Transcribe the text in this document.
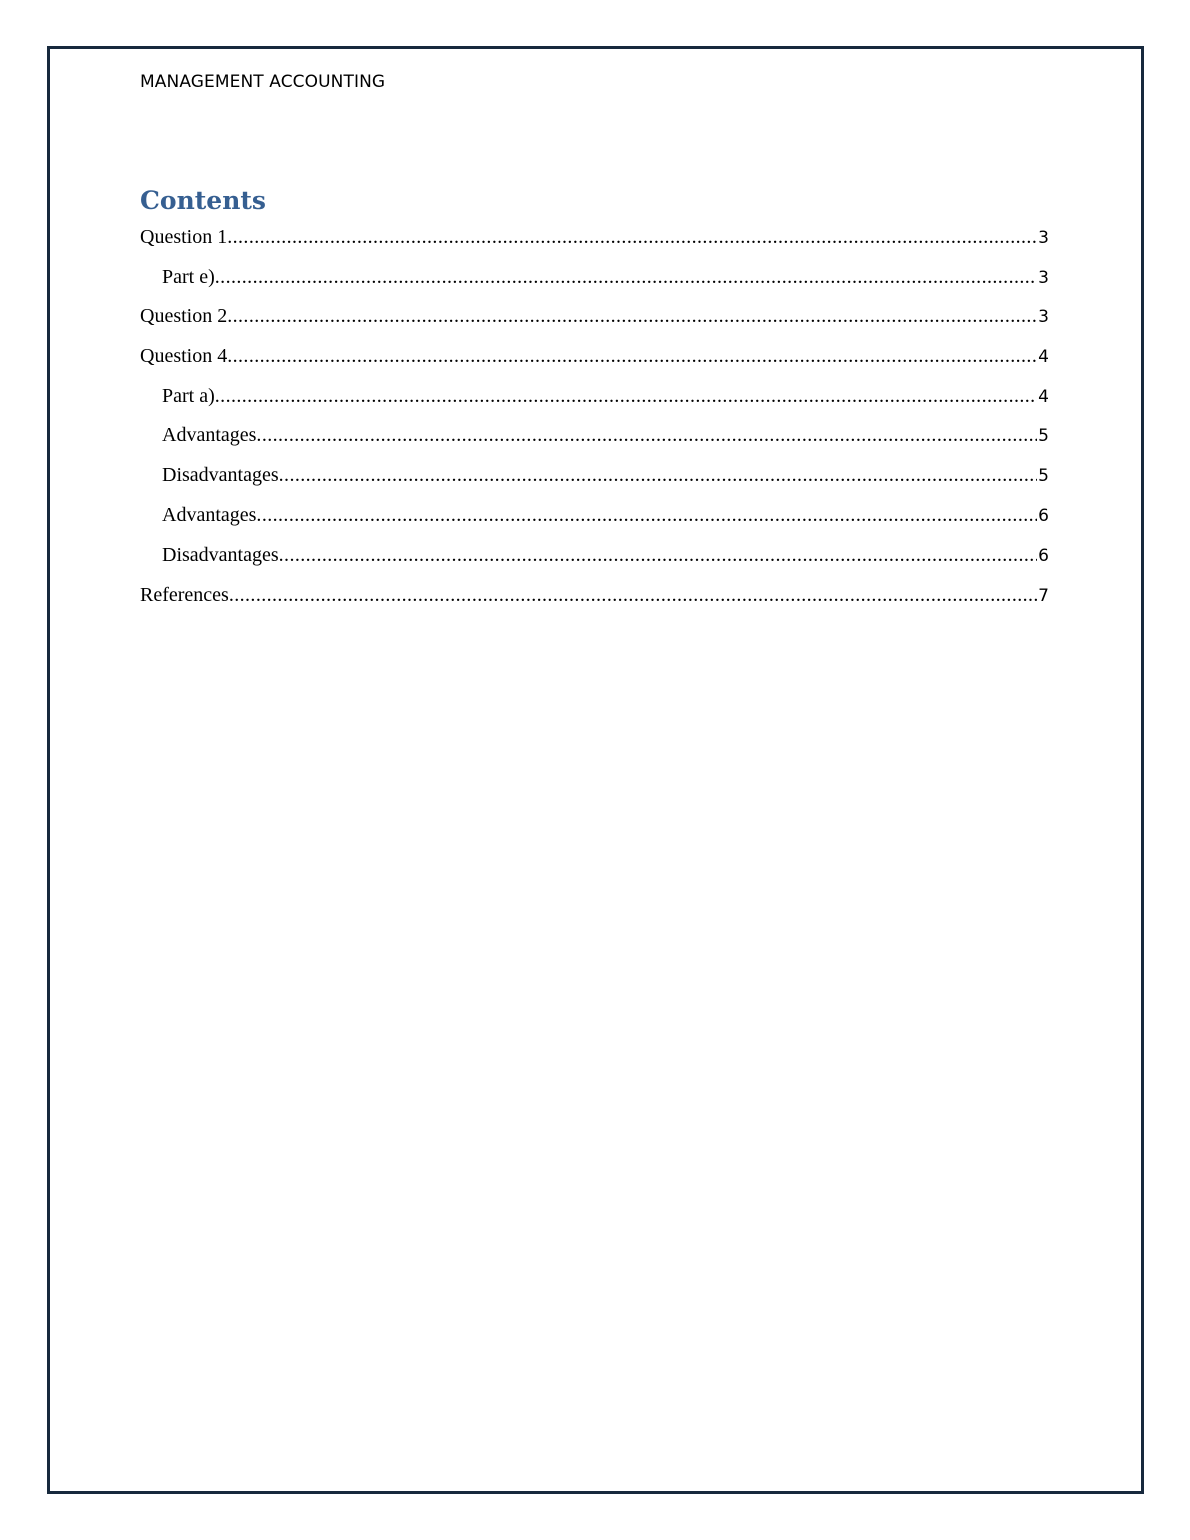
MANAGEMENT ACCOUNTING
Contents
Question 1 .....	3
Part e) .....	3
Question 2 .....	3
Question 4 .....	4
Part a) .....	4
Advantages .....	5
Disadvantages .....	5
Advantages .....	6
Disadvantages .....	6
References .....	7
